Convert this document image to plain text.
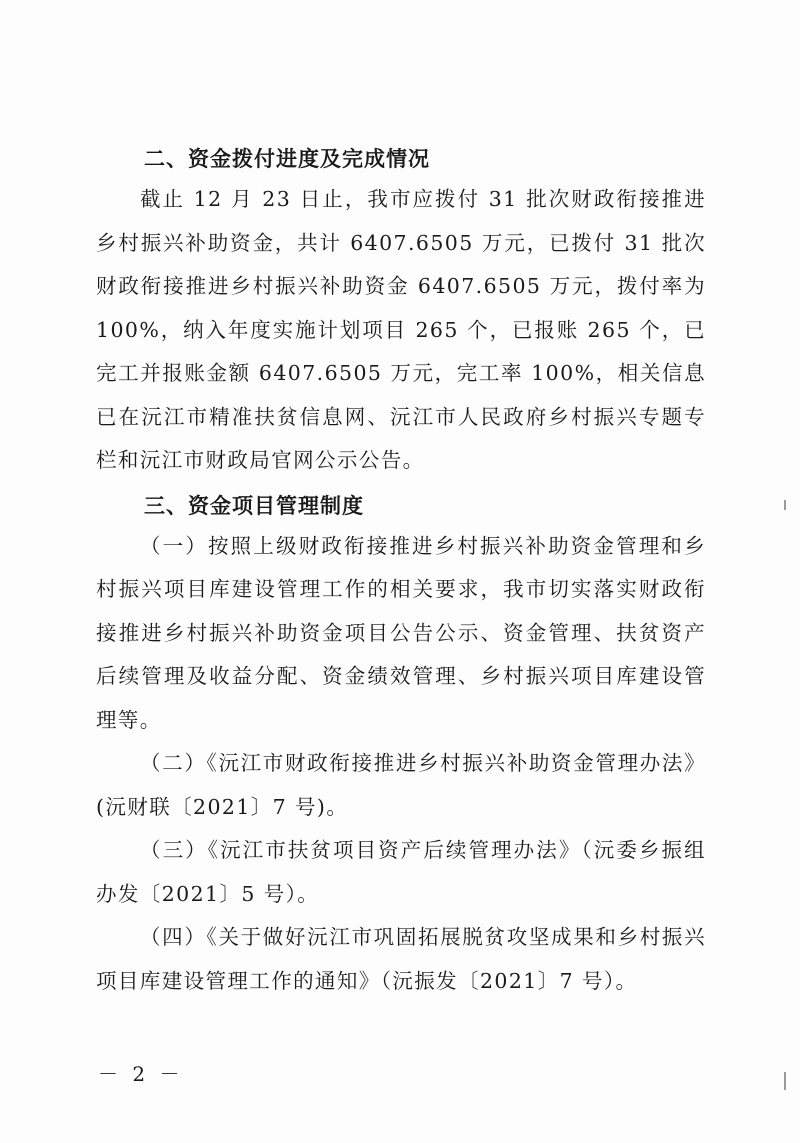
二、资金拨付进度及完成情况

截止 12 月 23 日止，我市应拨付 31 批次财政衔接推进乡村振兴补助资金，共计 6407.6505 万元，已拨付 31 批次财政衔接推进乡村振兴补助资金 6407.6505 万元，拨付率为 100%，纳入年度实施计划项目 265 个，已报账 265 个，已完工并报账金额 6407.6505 万元，完工率 100%，相关信息已在沅江市精准扶贫信息网、沅江市人民政府乡村振兴专题专栏和沅江市财政局官网公示公告。

三、资金项目管理制度

（一）按照上级财政衔接推进乡村振兴补助资金管理和乡村振兴项目库建设管理工作的相关要求，我市切实落实财政衔接推进乡村振兴补助资金项目公告公示、资金管理、扶贫资产后续管理及收益分配、资金绩效管理、乡村振兴项目库建设管理等。

（二）《沅江市财政衔接推进乡村振兴补助资金管理办法》(沅财联〔2021〕7 号)。

（三）《沅江市扶贫项目资产后续管理办法》（沅委乡振组办发〔2021〕5 号）。

（四）《关于做好沅江市巩固拓展脱贫攻坚成果和乡村振兴项目库建设管理工作的通知》（沅振发〔2021〕7 号）。

－ 2 －
